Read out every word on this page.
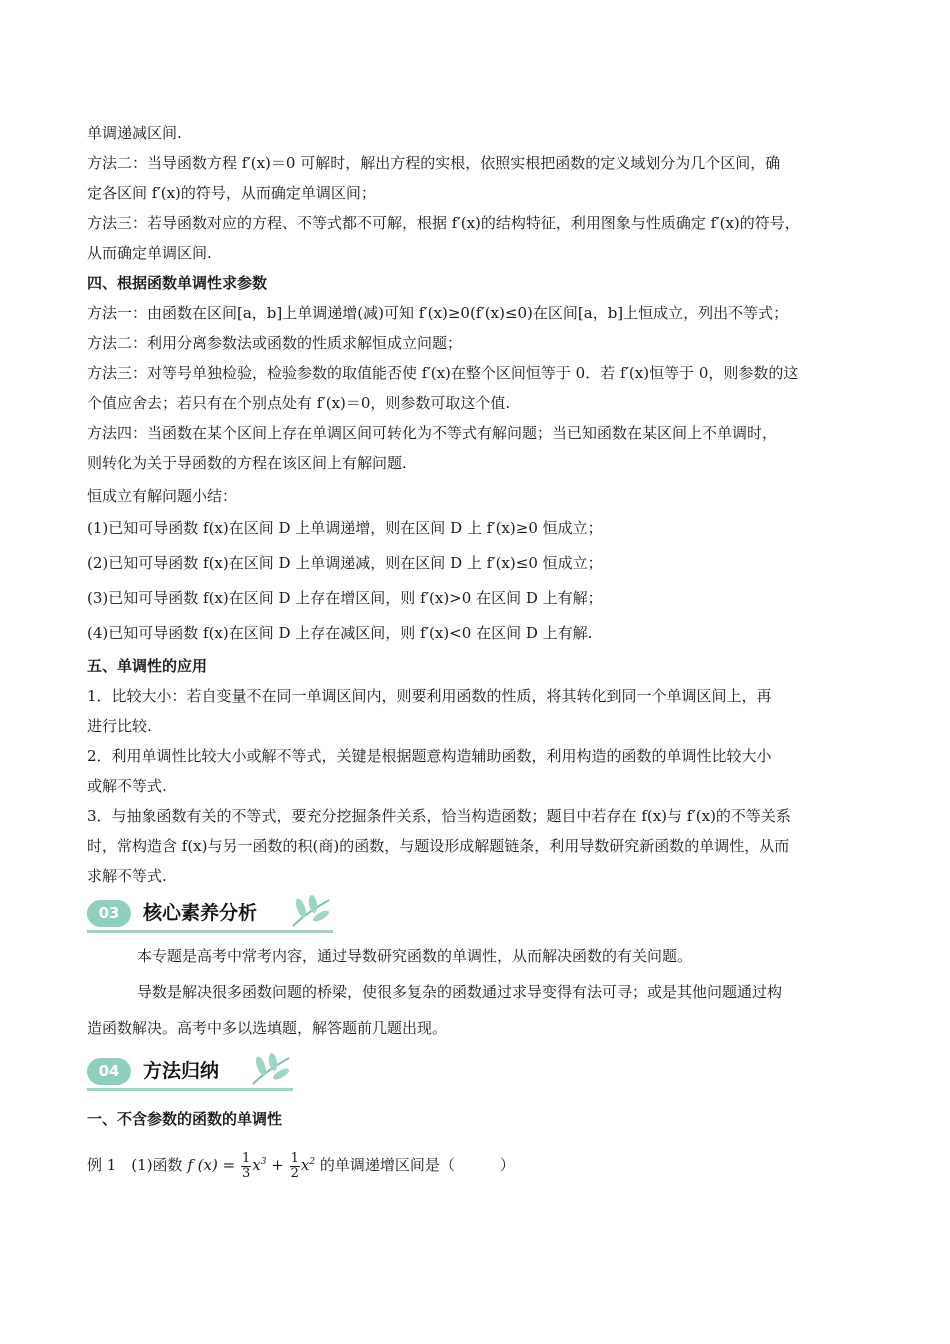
单调递减区间.

方法二：当导函数方程 f′(x)＝0 可解时，解出方程的实根，依照实根把函数的定义域划分为几个区间，确

定各区间 f′(x)的符号，从而确定单调区间；

方法三：若导函数对应的方程、不等式都不可解，根据 f′(x)的结构特征，利用图象与性质确定 f′(x)的符号，

从而确定单调区间.

四、根据函数单调性求参数

方法一：由函数在区间[a，b]上单调递增(减)可知 f′(x)≥0(f′(x)≤0)在区间[a，b]上恒成立，列出不等式；

方法二：利用分离参数法或函数的性质求解恒成立问题；

方法三：对等号单独检验，检验参数的取值能否使 f′(x)在整个区间恒等于 0．若 f′(x)恒等于 0，则参数的这

个值应舍去；若只有在个别点处有 f′(x)＝0，则参数可取这个值.

方法四：当函数在某个区间上存在单调区间可转化为不等式有解问题；当已知函数在某区间上不单调时，

则转化为关于导函数的方程在该区间上有解问题.

恒成立有解问题小结：

(1)已知可导函数 f(x)在区间 D 上单调递增，则在区间 D 上 f′(x)≥0 恒成立；

(2)已知可导函数 f(x)在区间 D 上单调递减，则在区间 D 上 f′(x)≤0 恒成立；

(3)已知可导函数 f(x)在区间 D 上存在增区间，则 f′(x)>0 在区间 D 上有解；

(4)已知可导函数 f(x)在区间 D 上存在减区间，则 f′(x)<0 在区间 D 上有解.

五、单调性的应用

1．比较大小：若自变量不在同一单调区间内，则要利用函数的性质，将其转化到同一个单调区间上，再

进行比较.

2．利用单调性比较大小或解不等式，关键是根据题意构造辅助函数，利用构造的函数的单调性比较大小

或解不等式.

3．与抽象函数有关的不等式，要充分挖掘条件关系，恰当构造函数；题目中若存在 f(x)与 f′(x)的不等关系

时，常构造含 f(x)与另一函数的积(商)的函数，与题设形成解题链条，利用导数研究新函数的单调性，从而

求解不等式.

03	核心素养分析

本专题是高考中常考内容，通过导数研究函数的单调性，从而解决函数的有关问题。

导数是解决很多函数问题的桥梁，使很多复杂的函数通过求导变得有法可寻；或是其他问题通过构

造函数解决。高考中多以选填题，解答题前几题出现。

04	方法归纳

一、不含参数的函数的单调性

例 1　(1)函数 f $(x) = \frac{1}{3} x^3 + \frac{1}{2} x^2$ 的单调递增区间是（　　　）
